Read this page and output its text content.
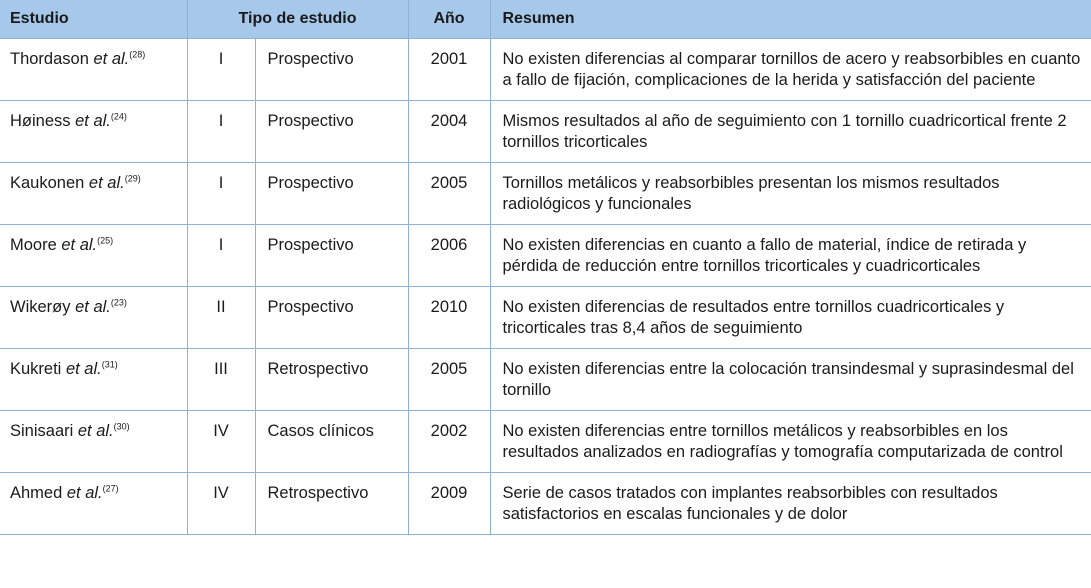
Estudio	Tipo de estudio		Año	Resumen
Thordason et al.$^{(28)}$	I	Prospectivo	2001	No existen diferencias al comparar tornillos de acero y reabsorbibles en cuanto a fallo de fijación, complicaciones de la herida y satisfacción del paciente
Høiness et al.$^{(24)}$	I	Prospectivo	2004	Mismos resultados al año de seguimiento con 1 tornillo cuadricortical frente 2 tornillos tricorticales
Kaukonen et al.$^{(29)}$	I	Prospectivo	2005	Tornillos metálicos y reabsorbibles presentan los mismos resultados radiológicos y funcionales
Moore et al.$^{(25)}$	I	Prospectivo	2006	No existen diferencias en cuanto a fallo de material, índice de retirada y pérdida de reducción entre tornillos tricorticales y cuadricorticales
Wikerøy et al.$^{(23)}$	II	Prospectivo	2010	No existen diferencias de resultados entre tornillos cuadricorticales y tricorticales tras 8,4 años de seguimiento
Kukreti et al.$^{(31)}$	III	Retrospectivo	2005	No existen diferencias entre la colocación transindesmal y suprasindesmal del tornillo
Sinisaari et al.$^{(30)}$	IV	Casos clínicos	2002	No existen diferencias entre tornillos metálicos y reabsorbibles en los resultados analizados en radiografías y tomografía computarizada de control
Ahmed et al.$^{(27)}$	IV	Retrospectivo	2009	Serie de casos tratados con implantes reabsorbibles con resultados satisfactorios en escalas funcionales y de dolor
